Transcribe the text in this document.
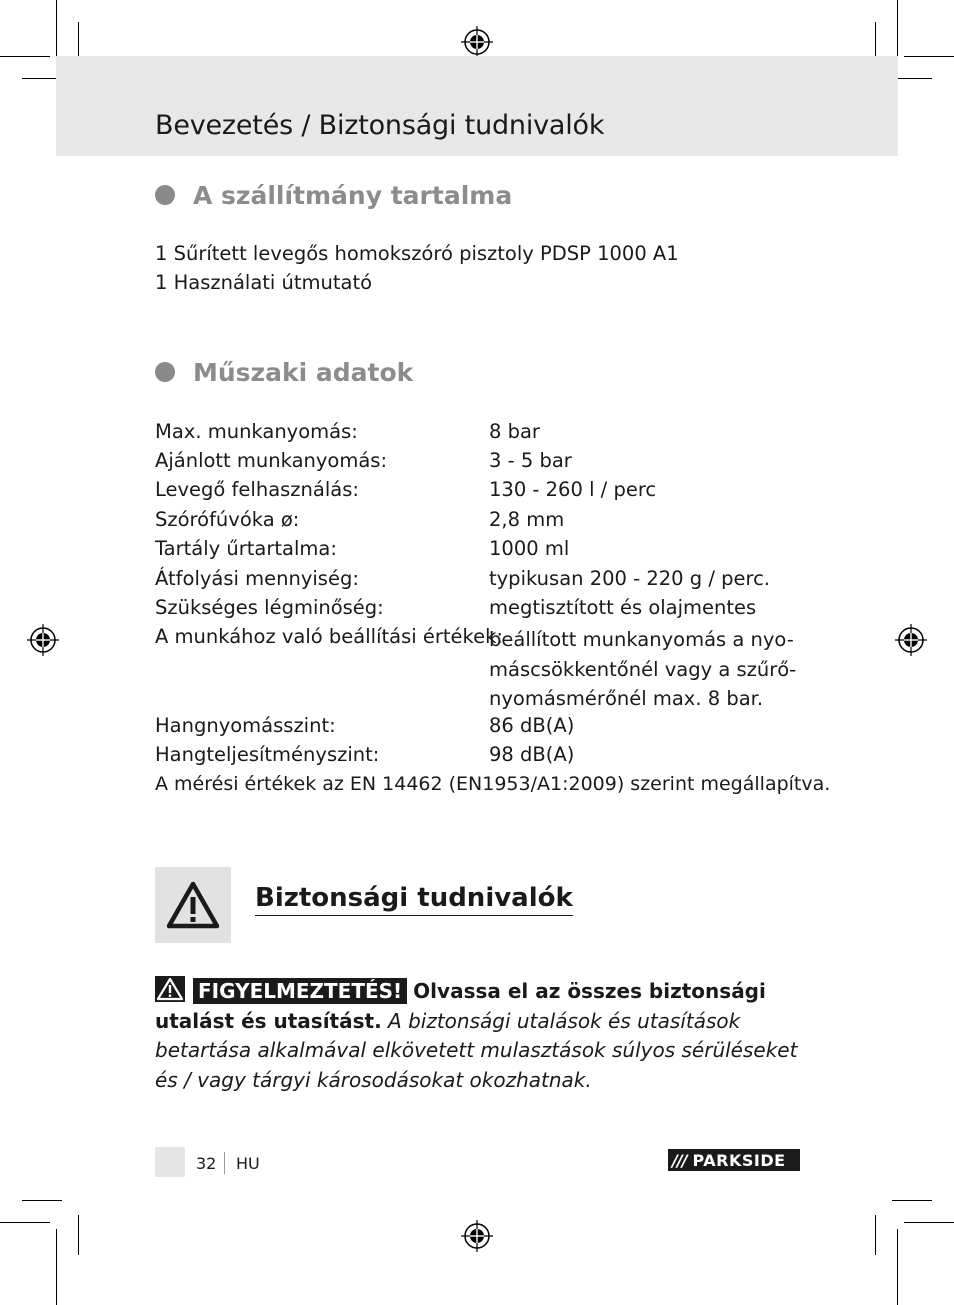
Bevezetés / Biztonsági tudnivalók
A szállítmány tartalma
1 Sűrített levegős homokszóró pisztoly PDSP 1000 A1
1 Használati útmutató
Műszaki adatok
Max. munkanyomás:	8 bar
Ajánlott munkanyomás:	3 - 5 bar
Levegő felhasználás:	130 - 260 l / perc
Szórófúvóka ø:	2,8 mm
Tartály űrtartalma:	1000 ml
Átfolyási mennyiség:	typikusan 200 - 220 g / perc.
Szükséges légminőség:	megtisztított és olajmentes
A munkához való beállítási értékek:
beállított munkanyomás a nyo-
máscsökkentőnél vagy a szűrő-
nyomásmérőnél max. 8 bar.
Hangnyomásszint:	86 dB(A)
Hangteljesítményszint:	98 dB(A)
A mérési értékek az EN 14462 (EN1953/A1:2009) szerint megállapítva.
Biztonsági tudnivalók
FIGYELMEZTETÉS! Olvassa el az összes biztonsági utalást és utasítást. A biztonsági utalások és utasítások betartása alkalmával elkövetett mulasztások súlyos sérüléseket és / vagy tárgyi károsodásokat okozhatnak.
32 HU	/// PARKSIDE
